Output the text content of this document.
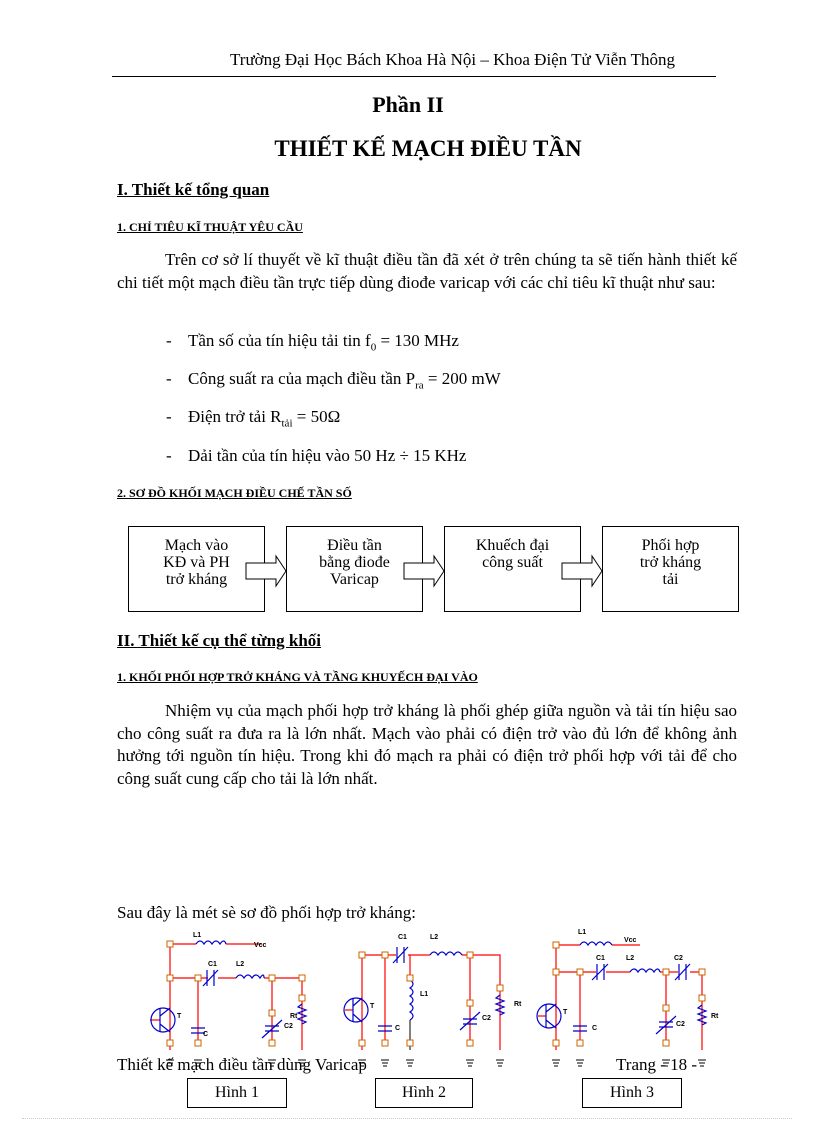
Trường Đại Học Bách Khoa Hà Nội – Khoa Điện Tử Viễn Thông
Phần II
THIẾT KẾ MẠCH ĐIỀU TẦN
I. Thiết kế tổng quan
1. CHỈ TIÊU KĨ THUẬT YÊU CẦU

Trên cơ sở lí thuyết về kĩ thuật điều tần đã xét ở trên chúng ta sẽ tiến hành thiết kế chi tiết một mạch điều tần trực tiếp dùng điođe varicap với các chỉ tiêu kĩ thuật như sau:

- Tần số của tín hiệu tải tin $f_0 = 130$ MHz
- Công suất ra của mạch điều tần $P_{ra} = 200$ mW
- Điện trở tải $R_{tải} = 50\Omega$
- Dải tần của tín hiệu vào 50 Hz ÷ 15 KHz
2. SƠ ĐỒ KHỐI MẠCH ĐIỀU CHẾ TẦN SỐ
Mạch vào
KĐ và PH
trở kháng
Điều tần
bằng điođe
Varicap
Khuếch đại
công suất
Phối hợp
trở kháng
tải
II. Thiết kế cụ thể từng khối
1. KHỐI PHỐI HỢP TRỞ KHÁNG VÀ TẦNG KHUYẾCH ĐẠI VÀO

Nhiệm vụ của mạch phối hợp trở kháng là phối ghép giữa nguồn và tải tín hiệu sao cho công suất ra đưa ra là lớn nhất. Mạch vào phải có điện trở vào đủ lớn để không ảnh hưởng tới nguồn tín hiệu. Trong khi đó mạch ra phải có điện trở phối hợp với tải để cho công suất cung cấp cho tải là lớn nhất.

Sau đây là mét sè sơ đồ phối hợp trở kháng:
L1
Vcc
C1	L2
T
C
C2
Rt
C1	L2
L1
T
C
C2
Rt
L1
Vcc
C1	L2	C2
T
C
C2
Rt
Thiết kế mạch điều tần dùng Varicap	Trang - 18 -
Hình 1	Hình 2	Hình 3
